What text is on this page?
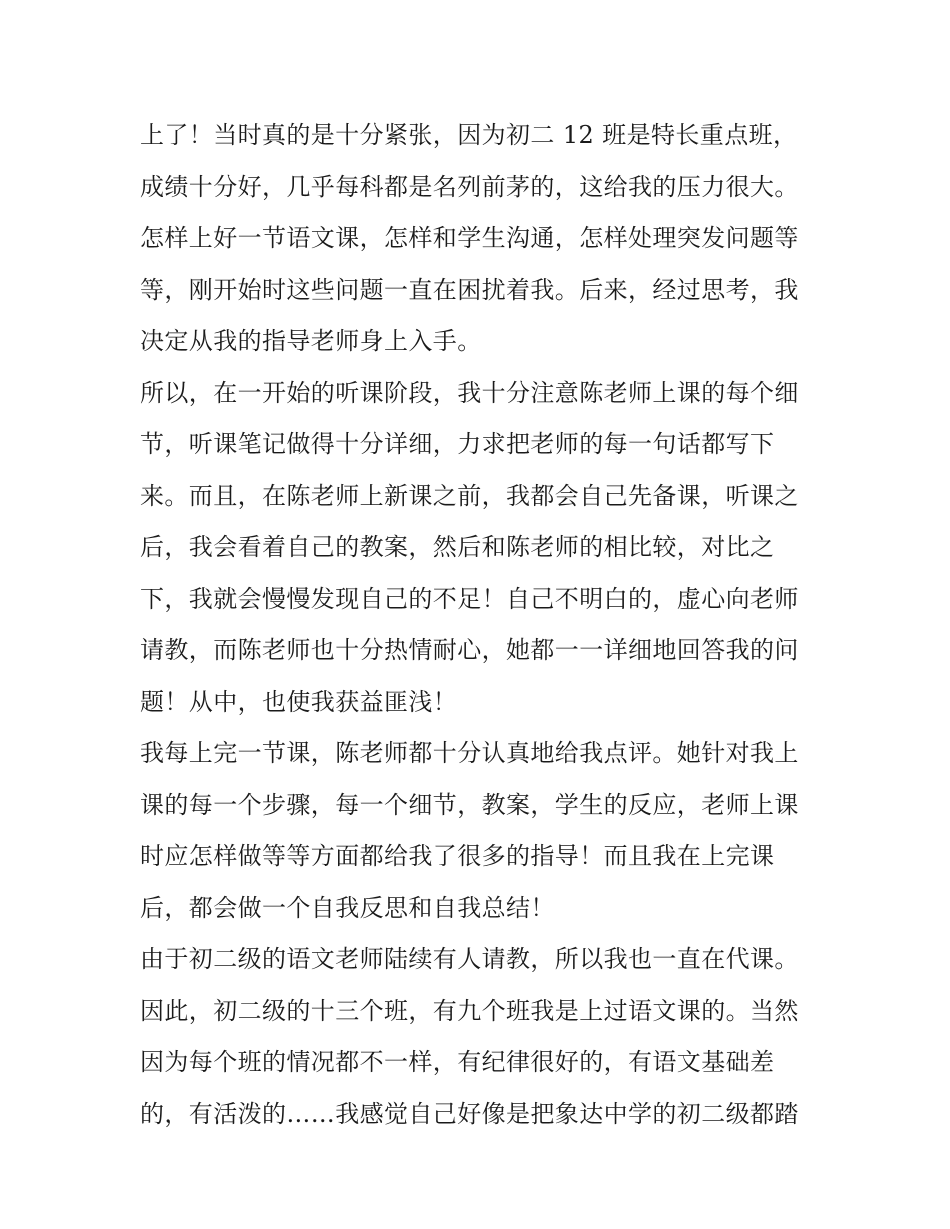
上了！当时真的是十分紧张，因为初二 12 班是特长重点班，
成绩十分好，几乎每科都是名列前茅的，这给我的压力很大。
怎样上好一节语文课，怎样和学生沟通，怎样处理突发问题等
等，刚开始时这些问题一直在困扰着我。后来，经过思考，我
决定从我的指导老师身上入手。
所以，在一开始的听课阶段，我十分注意陈老师上课的每个细
节，听课笔记做得十分详细，力求把老师的每一句话都写下
来。而且，在陈老师上新课之前，我都会自己先备课，听课之
后，我会看着自己的教案，然后和陈老师的相比较，对比之
下，我就会慢慢发现自己的不足！自己不明白的，虚心向老师
请教，而陈老师也十分热情耐心，她都一一详细地回答我的问
题！从中，也使我获益匪浅！
我每上完一节课，陈老师都十分认真地给我点评。她针对我上
课的每一个步骤，每一个细节，教案，学生的反应，老师上课
时应怎样做等等方面都给我了很多的指导！而且我在上完课
后，都会做一个自我反思和自我总结！
由于初二级的语文老师陆续有人请教，所以我也一直在代课。
因此，初二级的十三个班，有九个班我是上过语文课的。当然
因为每个班的情况都不一样，有纪律很好的，有语文基础差
的，有活泼的……我感觉自己好像是把象达中学的初二级都踏
